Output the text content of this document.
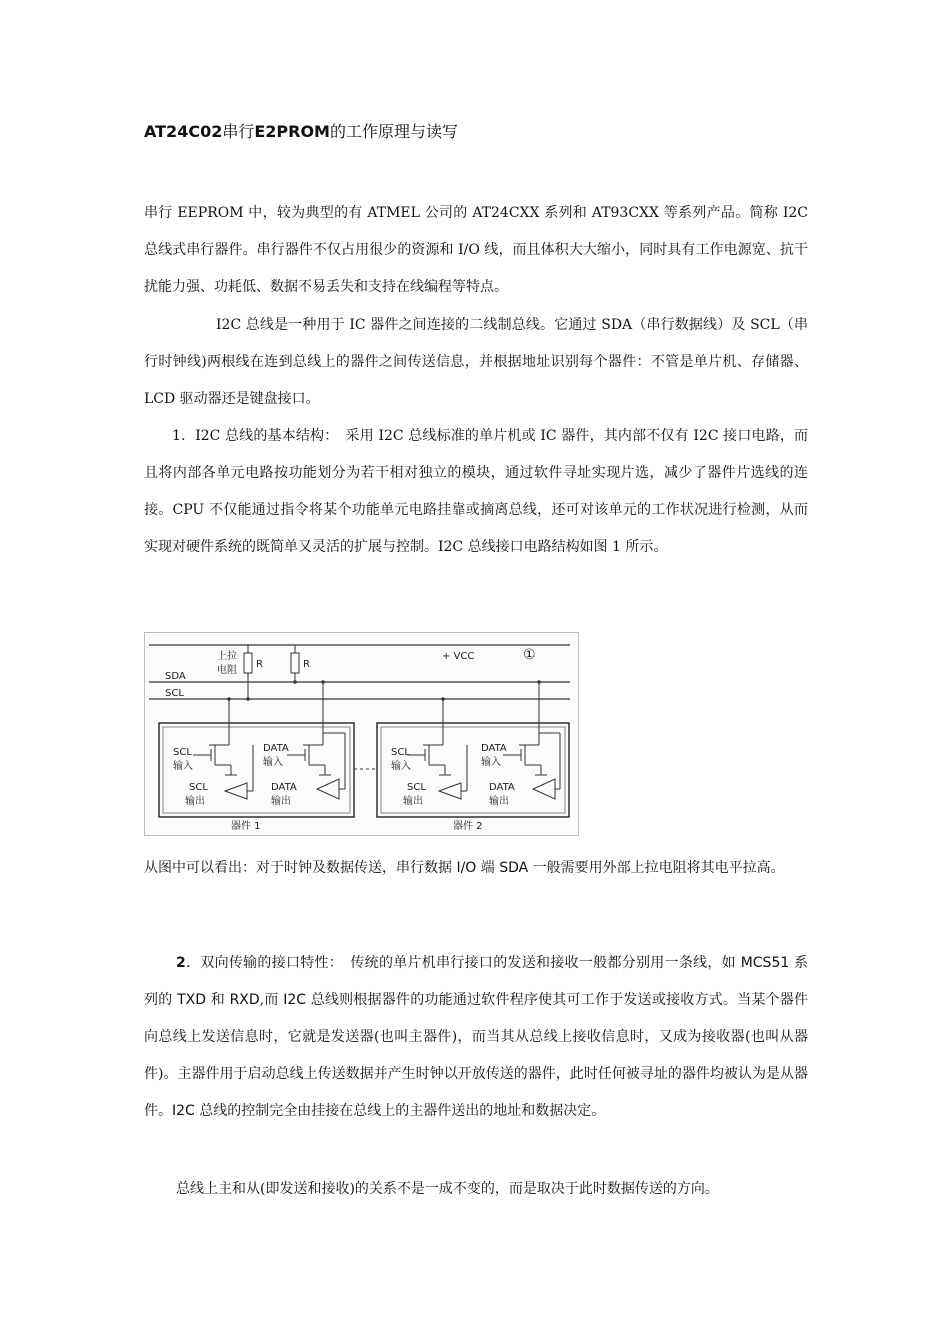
AT24C02串行E2PROM的工作原理与读写

串行 EEPROM 中，较为典型的有 ATMEL 公司的 AT24CXX 系列和 AT93CXX 等系列产品。简称 I2C 总线式串行器件。串行器件不仅占用很少的资源和 I/O 线，而且体积大大缩小，同时具有工作电源宽、抗干扰能力强、功耗低、数据不易丢失和支持在线编程等特点。

I2C 总线是一种用于 IC 器件之间连接的二线制总线。它通过 SDA（串行数据线）及 SCL（串行时钟线)两根线在连到总线上的器件之间传送信息，并根据地址识别每个器件：不管是单片机、存储器、LCD 驱动器还是键盘接口。

1．I2C 总线的基本结构：　采用 I2C 总线标准的单片机或 IC 器件，其内部不仅有 I2C 接口电路，而且将内部各单元电路按功能划分为若干相对独立的模块，通过软件寻址实现片选，减少了器件片选线的连接。CPU 不仅能通过指令将某个功能单元电路挂靠或摘离总线，还可对该单元的工作状况进行检测，从而实现对硬件系统的既简单又灵活的扩展与控制。I2C 总线接口电路结构如图 1 所示。

上拉
电阻
R	R
+ VCC	①
SDA
SCL
SCL
输入
DATA
输入
SCL
输出
DATA
输出
器件 1
SCL
输入
DATA
输入
SCL
输出
DATA
输出
器件 2

从图中可以看出：对于时钟及数据传送，串行数据 I/O 端 SDA 一般需要用外部上拉电阻将其电平拉高。

2．双向传输的接口特性：　传统的单片机串行接口的发送和接收一般都分别用一条线，如 MCS51 系列的 TXD 和 RXD,而 I2C 总线则根据器件的功能通过软件程序使其可工作于发送或接收方式。当某个器件向总线上发送信息时，它就是发送器(也叫主器件)，而当其从总线上接收信息时，又成为接收器(也叫从器件)。主器件用于启动总线上传送数据并产生时钟以开放传送的器件，此时任何被寻址的器件均被认为是从器件。I2C 总线的控制完全由挂接在总线上的主器件送出的地址和数据决定。

总线上主和从(即发送和接收)的关系不是一成不变的，而是取决于此时数据传送的方向。
